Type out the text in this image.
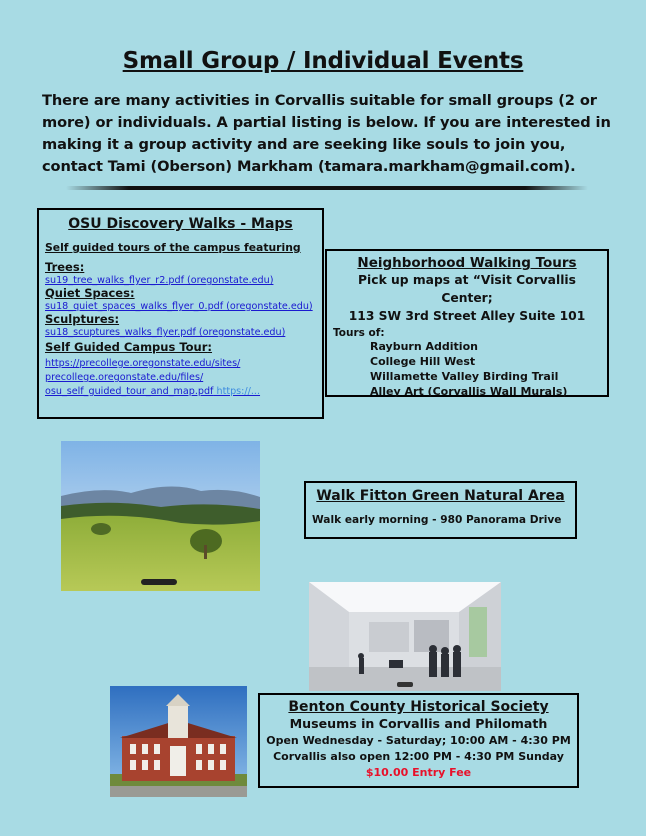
Small Group / Individual Events
There are many activities in Corvallis suitable for small groups (2 or more) or individuals. A partial listing is below. If you are interested in making it a group activity and are seeking like souls to join you, contact Tami (Oberson) Markham (tamara.markham@gmail.com).
OSU Discovery Walks - Maps
Self guided tours of the campus featuring
Trees:
su19_tree_walks_flyer_r2.pdf (oregonstate.edu)
Quiet Spaces:
su18_quiet_spaces_walks_flyer_0.pdf (oregonstate.edu)
Sculptures:
su18_scuptures_walks_flyer.pdf (oregonstate.edu)
Self Guided Campus Tour:
https://precollege.oregonstate.edu/sites/
precollege.oregonstate.edu/files/
osu_self_guided_tour_and_map.pdf https://...
Neighborhood Walking Tours
Pick up maps at “Visit Corvallis Center;
113 SW 3rd Street Alley Suite 101
Tours of:
Rayburn Addition
College Hill West
Willamette Valley Birding Trail
Alley Art (Corvallis Wall Murals)
Walk Fitton Green Natural Area
Walk early morning - 980 Panorama Drive
Benton County Historical Society
Museums in Corvallis and Philomath
Open Wednesday - Saturday; 10:00 AM - 4:30 PM
Corvallis also open 12:00 PM - 4:30 PM Sunday
$10.00 Entry Fee
